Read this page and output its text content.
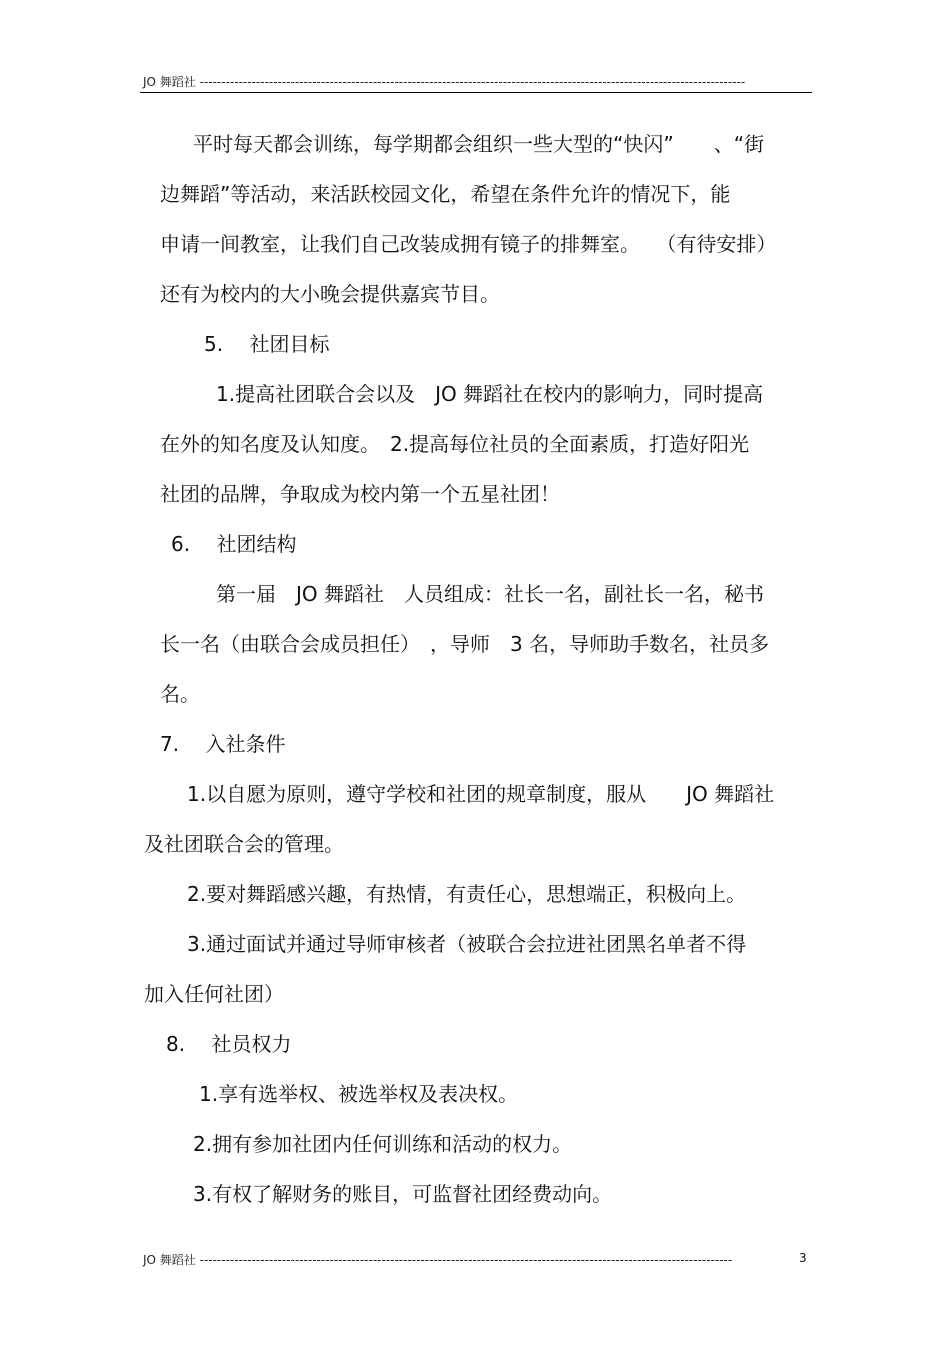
JO 舞蹈社 ------------------------------------------------------------------------------------------------------------------------------
平时每天都会训练，每学期都会组织一些大型的“快闪”　　、“街
边舞蹈”等活动，来活跃校园文化，希望在条件允许的情况下，能
申请一间教室，让我们自己改装成拥有镜子的排舞室。　 （有待安排）
还有为校内的大小晚会提供嘉宾节目。
5.　 社团目标
1.提高社团联合会以及　JO 舞蹈社在校内的影响力，同时提高
在外的知名度及认知度。　2.提高每位社员的全面素质，打造好阳光
社团的品牌，争取成为校内第一个五星社团！
6.　 社团结构
第一届　JO 舞蹈社　人员组成：社长一名，副社长一名，秘书
长一名（由联合会成员担任）　，导师　3 名，导师助手数名，社员多
名。
7.　 入社条件
1.以自愿为原则，遵守学校和社团的规章制度，服从　　JO 舞蹈社
及社团联合会的管理。
2.要对舞蹈感兴趣，有热情，有责任心，思想端正，积极向上。
3.通过面试并通过导师审核者（被联合会拉进社团黑名单者不得
加入任何社团）
8.　 社员权力
1.享有选举权、被选举权及表决权。
2.拥有参加社团内任何训练和活动的权力。
3.有权了解财务的账目，可监督社团经费动向。
JO 舞蹈社 ---------------------------------------------------------------------------------------------------------------------------	3
